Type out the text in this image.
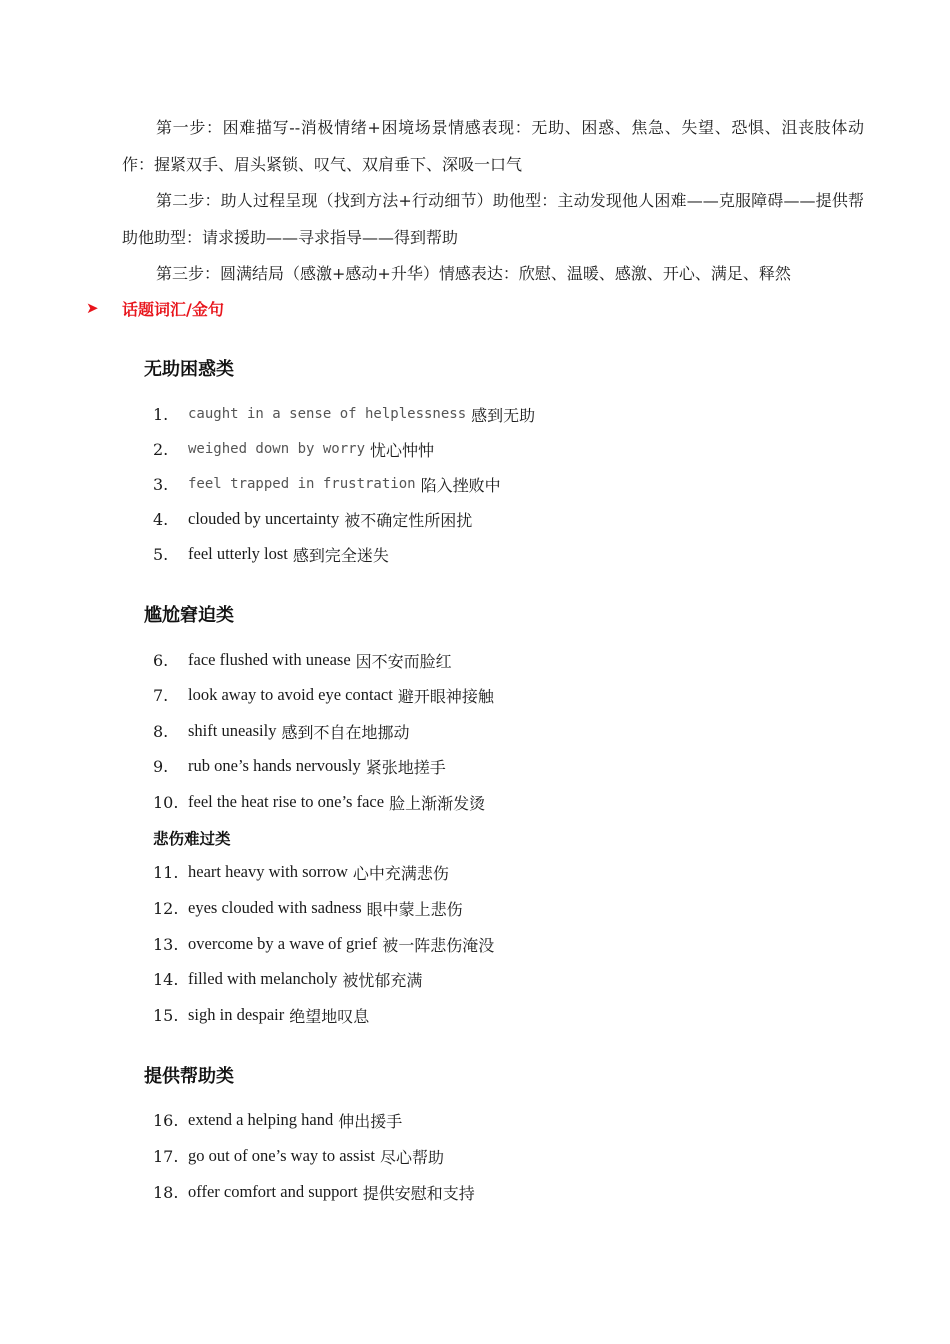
第一步：困难描写--消极情绪+困境场景情感表现：无助、困惑、焦急、失望、恐惧、沮丧肢体动作：握紧双手、眉头紧锁、叹气、双肩垂下、深吸一口气

第二步：助人过程呈现（找到方法+行动细节）助他型：主动发现他人困难——克服障碍——提供帮助他助型：请求援助——寻求指导——得到帮助

第三步：圆满结局（感激+感动+升华）情感表达：欣慰、温暖、感激、开心、满足、释然

➤	话题词汇/金句
无助困惑类
1.	caught in a sense of helplessness 感到无助
2.	weighed down by worry 忧心忡忡
3.	feel trapped in frustration 陷入挫败中
4.	clouded by uncertainty 被不确定性所困扰
5.	feel utterly lost 感到完全迷失
尴尬窘迫类
6.	face flushed with unease 因不安而脸红
7.	look away to avoid eye contact 避开眼神接触
8.	shift uneasily 感到不自在地挪动
9.	rub one’s hands nervously 紧张地搓手
10. feel the heat rise to one’s face 脸上渐渐发烫
悲伤难过类
11. heart heavy with sorrow 心中充满悲伤
12. eyes clouded with sadness 眼中蒙上悲伤
13. overcome by a wave of grief 被一阵悲伤淹没
14. filled with melancholy 被忧郁充满
15. sigh in despair 绝望地叹息
提供帮助类
16. extend a helping hand 伸出援手
17. go out of one’s way to assist 尽心帮助
18. offer comfort and support 提供安慰和支持
